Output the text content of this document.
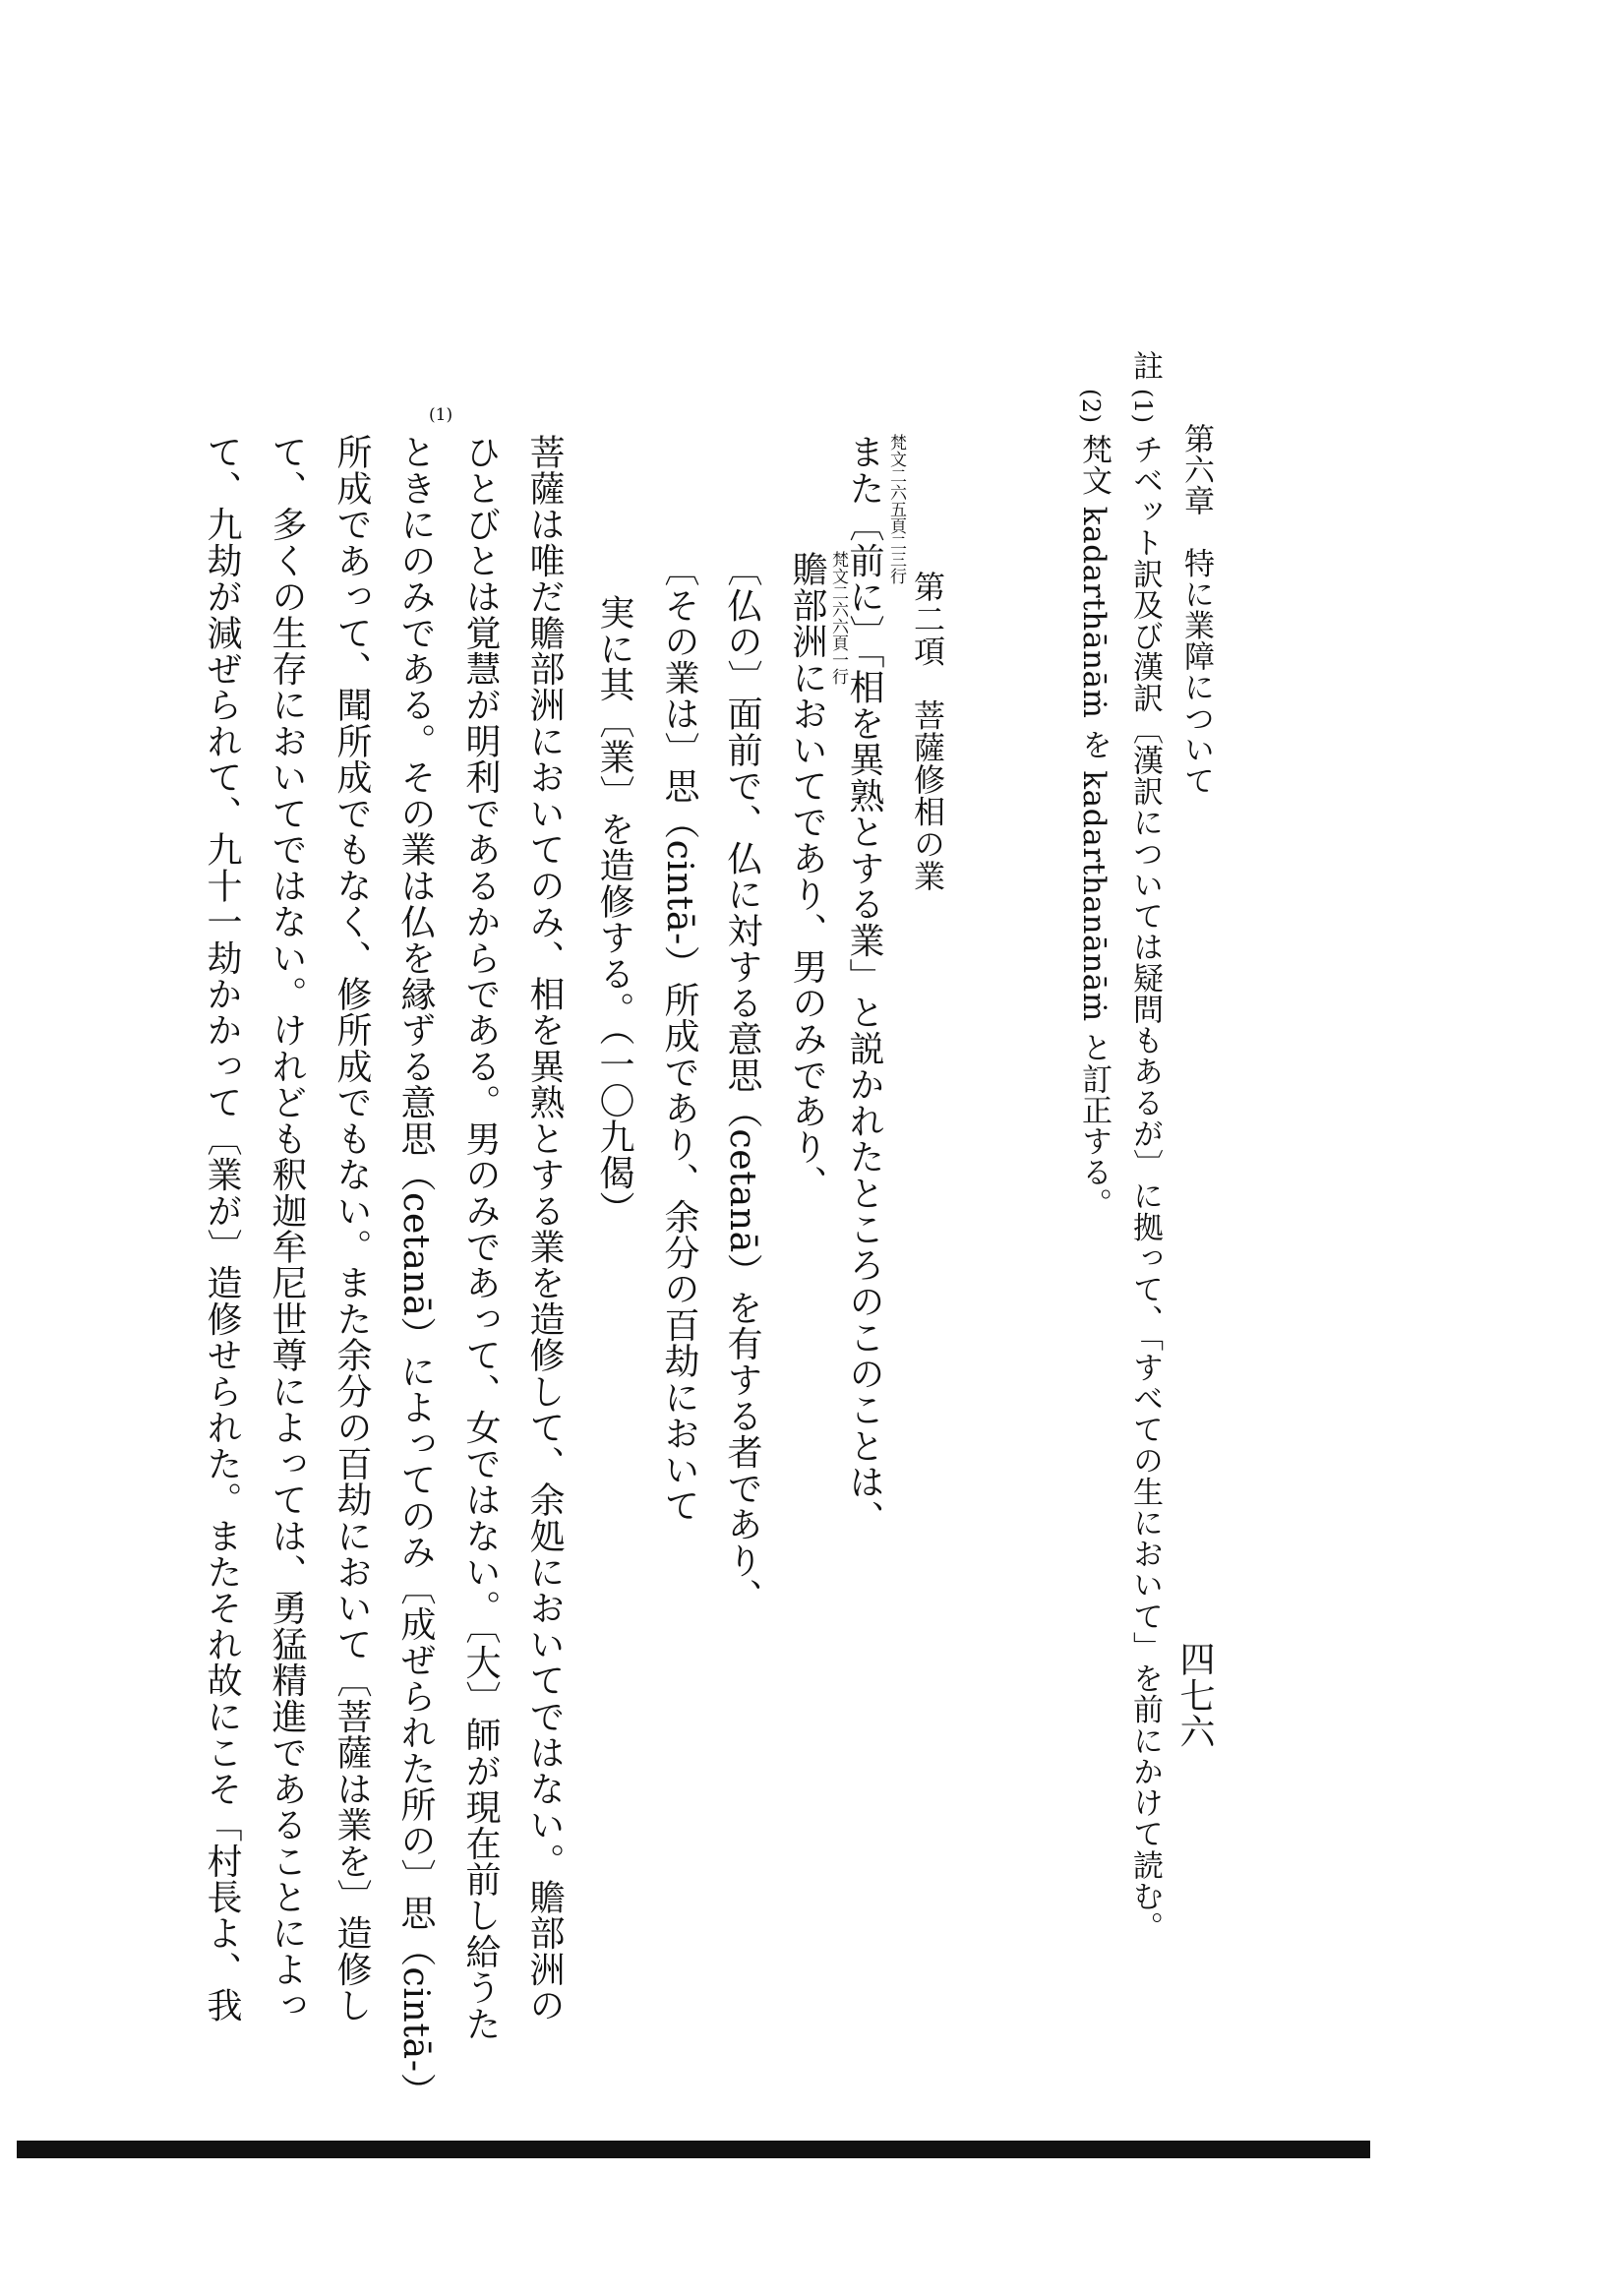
第六章　特に業障について
四七六
註
(1)
チベット訳及び漢訳〔漢訳については疑問もあるが〕に拠って、「すべての生において」を前にかけて読む。
(2)
梵文 kadarthānāṁ を kadarthanānāṁ と訂正する。
第二項　菩薩修相の業
梵文二六五頁二三行
また〔前に〕「相を異熟とする業」と説かれたところのこのことは、
梵文二六六頁一行
贍部洲においてであり、男のみであり、
〔仏の〕面前で、仏に対する意思（cetanā）を有する者であり、
〔その業は〕思（cintā-）所成であり、余分の百劫において
実に其〔業〕を造修する。（一〇九偈）
菩薩は唯だ贍部洲においてのみ、相を異熟とする業を造修して、余処においてではない。贍部洲の
ひとびとは覚慧が明利であるからである。男のみであって、女ではない。〔大〕師が現在前し給うた
(1)
ときにのみである。その業は仏を縁ずる意思（cetanā）によってのみ〔成ぜられた所の〕思（cintā-）
所成であって、聞所成でもなく、修所成でもない。また余分の百劫において〔菩薩は業を〕造修し
て、多くの生存においてではない。けれども釈迦牟尼世尊によっては、勇猛精進であることによっ
て、九劫が減ぜられて、九十一劫かかって〔業が〕造修せられた。またそれ故にこそ「村長よ、我
